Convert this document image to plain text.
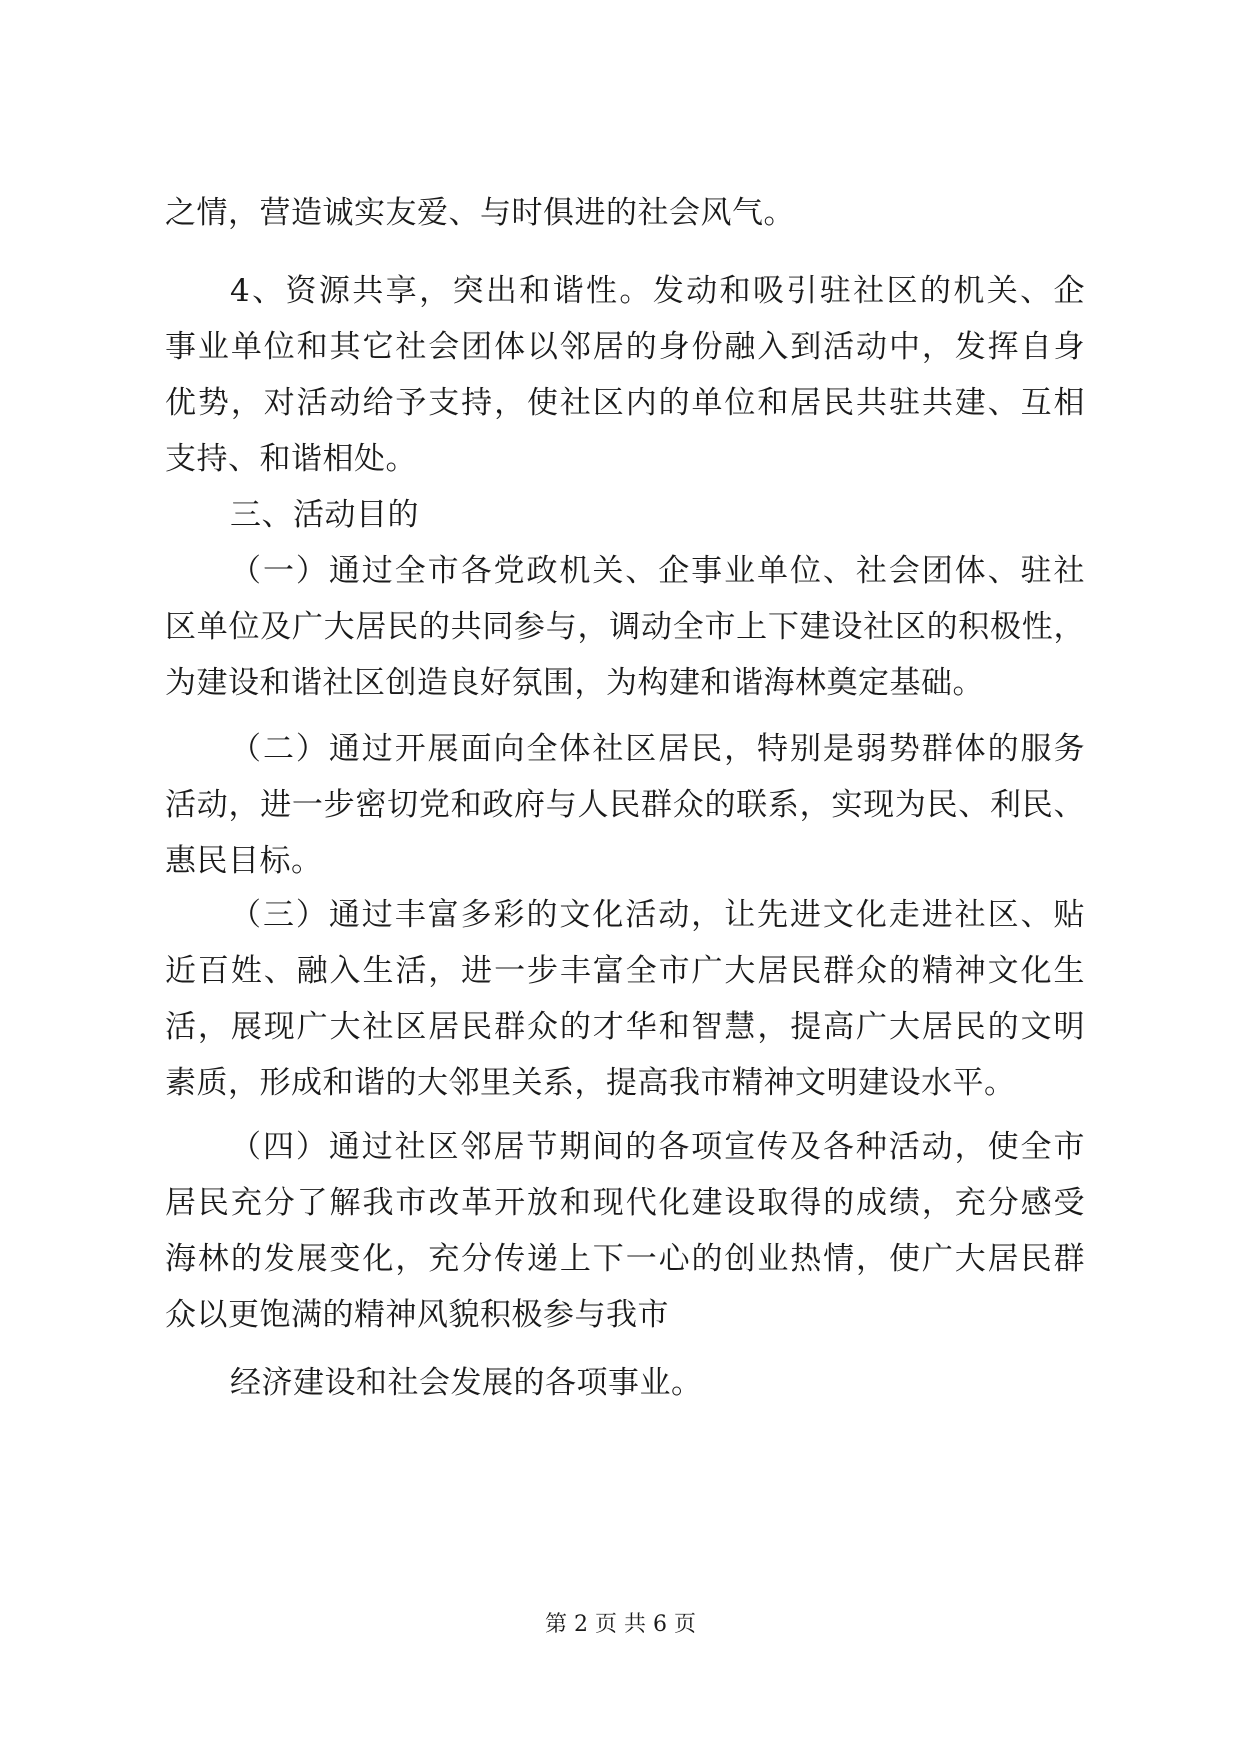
之情，营造诚实友爱、与时俱进的社会风气。
4、资源共享，突出和谐性。发动和吸引驻社区的机关、企
事业单位和其它社会团体以邻居的身份融入到活动中，发挥自身
优势，对活动给予支持，使社区内的单位和居民共驻共建、互相
支持、和谐相处。
三、活动目的
（一）通过全市各党政机关、企事业单位、社会团体、驻社
区单位及广大居民的共同参与，调动全市上下建设社区的积极性，
为建设和谐社区创造良好氛围，为构建和谐海林奠定基础。
（二）通过开展面向全体社区居民，特别是弱势群体的服务
活动，进一步密切党和政府与人民群众的联系，实现为民、利民、
惠民目标。
（三）通过丰富多彩的文化活动，让先进文化走进社区、贴
近百姓、融入生活，进一步丰富全市广大居民群众的精神文化生
活，展现广大社区居民群众的才华和智慧，提高广大居民的文明
素质，形成和谐的大邻里关系，提高我市精神文明建设水平。
（四）通过社区邻居节期间的各项宣传及各种活动，使全市
居民充分了解我市改革开放和现代化建设取得的成绩，充分感受
海林的发展变化，充分传递上下一心的创业热情，使广大居民群
众以更饱满的精神风貌积极参与我市
经济建设和社会发展的各项事业。
第 2 页 共 6 页
